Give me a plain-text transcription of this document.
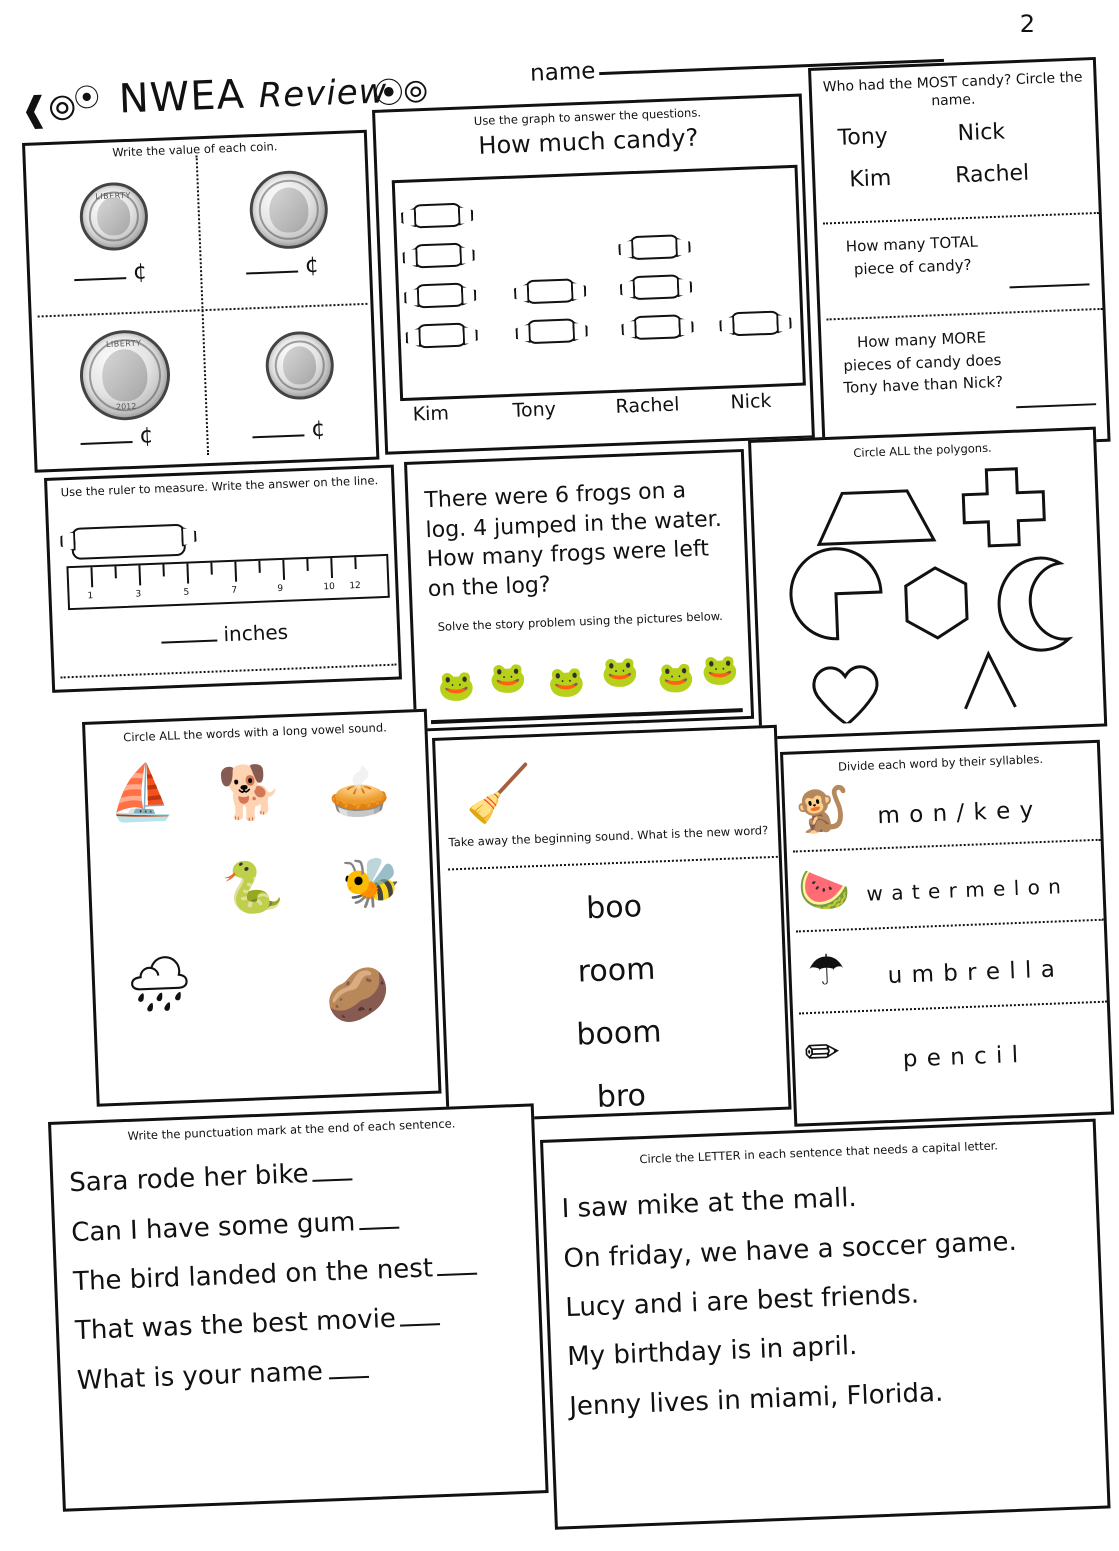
2
name
❰⦾
⦿ NWEA Review
⦿⦾
Write the value of each coin.
LIBERTY
¢	¢
LIBERTY
2012
¢	¢
Use the graph to answer the questions.
How much candy?
Kim	Tony	Rachel	Nick
Who had the MOST candy? Circle the name.
Tony	Nick
Kim	Rachel
How many TOTAL piece of candy?
How many MORE pieces of candy does Tony have than Nick?
Use the ruler to measure. Write the answer on the line.
1	3	5	7	9	10 12
inches
There were 6 frogs on a log. 4 jumped in the water. How many frogs were left on the log?
Solve the story problem using the pictures below.
🐸 🐸 🐸 🐸 🐸 🐸
Circle ALL the polygons.
Circle ALL the words with a long vowel sound.
⛵ 🐕 🥧
🐍 🐝
🌧 🥔
🧹
Take away the beginning sound. What is the new word?
boo
room
boom
bro
Divide each word by their syllables.
🐒 m o n / k e y
🍉 w a t e r m e l o n
☂ u m b r e l l a
✏	p e n c i l
Write the punctuation mark at the end of each sentence.
Sara rode her bike
Can I have some gum
The bird landed on the nest
That was the best movie
What is your name
Circle the LETTER in each sentence that needs a capital letter.
I saw mike at the mall.
On friday, we have a soccer game.
Lucy and i are best friends.
My birthday is in april.
Jenny lives in miami, Florida.
